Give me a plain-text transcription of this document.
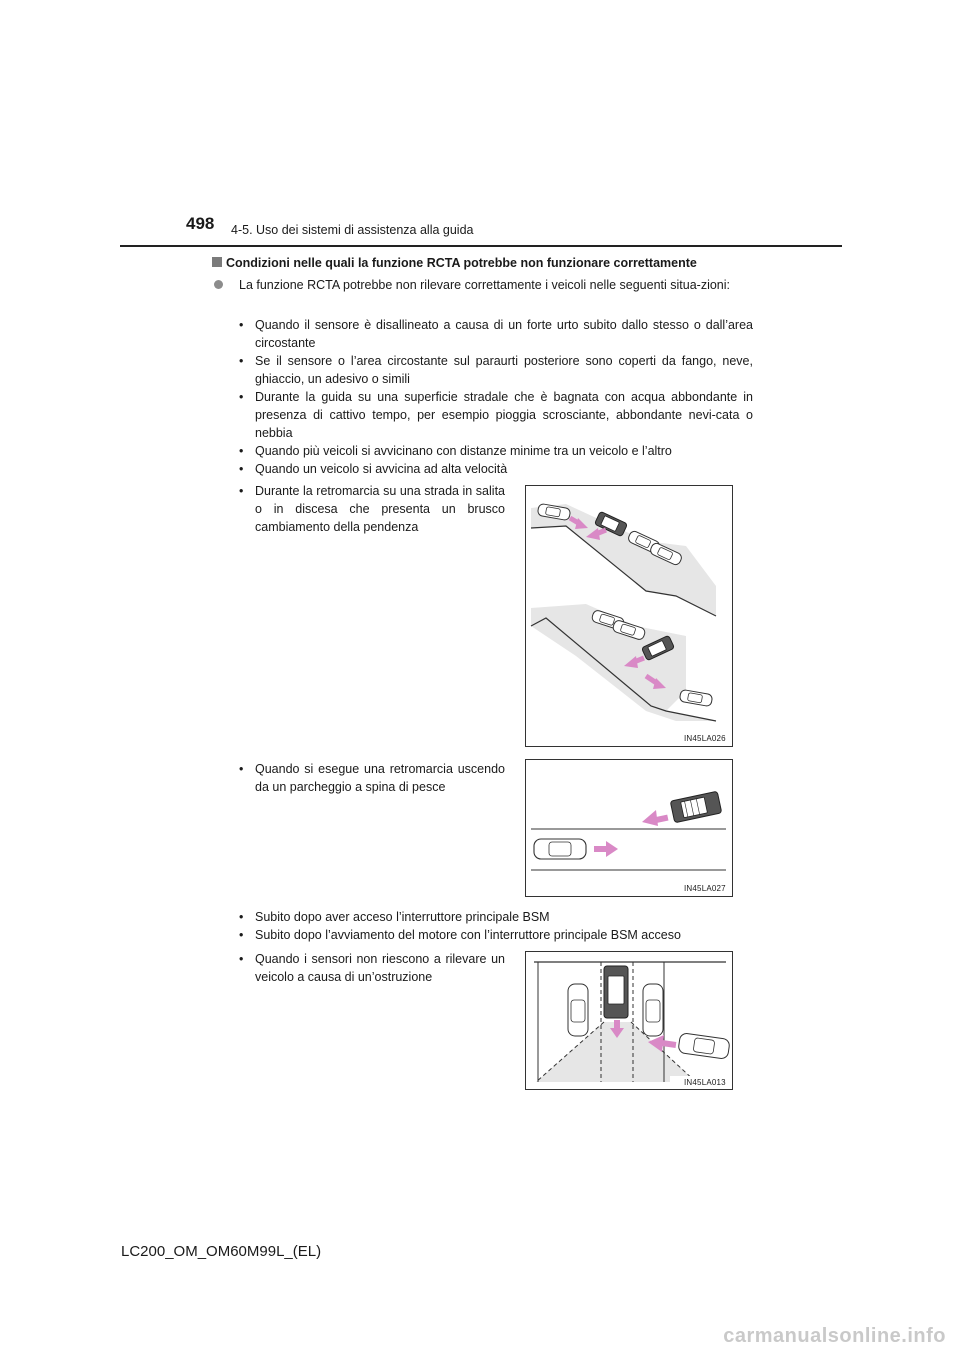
498 4-5. Uso dei sistemi di assistenza alla guida
Condizioni nelle quali la funzione RCTA potrebbe non funzionare correttamente
La funzione RCTA potrebbe non rilevare correttamente i veicoli nelle seguenti situa-zioni:
• Quando il sensore è disallineato a causa di un forte urto subito dallo stesso o dall’area circostante
• Se il sensore o l’area circostante sul paraurti posteriore sono coperti da fango, neve, ghiaccio, un adesivo o simili
• Durante la guida su una superficie stradale che è bagnata con acqua abbondante in presenza di cattivo tempo, per esempio pioggia scrosciante, abbondante nevi-cata o nebbia
• Quando più veicoli si avvicinano con distanze minime tra un veicolo e l’altro
• Quando un veicolo si avvicina ad alta velocità
• Durante la retromarcia su una strada in salita o in discesa che presenta un brusco cambiamento della pendenza
IN45LA026
• Quando si esegue una retromarcia uscendo da un parcheggio a spina di pesce
IN45LA027
• Subito dopo aver acceso l’interruttore principale BSM
• Subito dopo l’avviamento del motore con l’interruttore principale BSM acceso
• Quando i sensori non riescono a rilevare un veicolo a causa di un’ostruzione
IN45LA013
LC200_OM_OM60M99L_(EL)
carmanualsonline.info
